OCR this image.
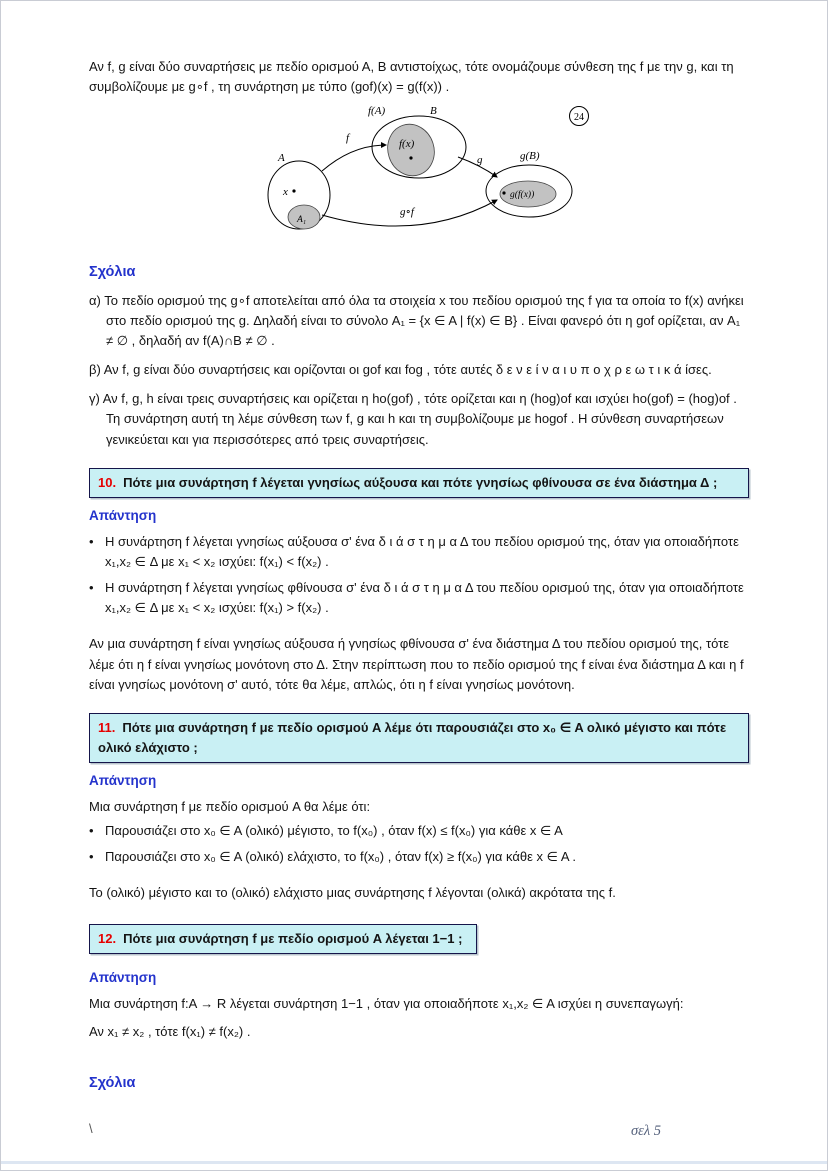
Αν f, g είναι δύο συναρτήσεις με πεδίο ορισμού Α, Β αντιστοίχως, τότε ονομάζουμε σύνθεση της f με την g, και τη συμβολίζουμε με g∘f , τη συνάρτηση με τύπο (gof)(x) = g(f(x)) .

f(x)
f(A)	B
x
A₁
A
g(f(x))
g(B)
f
g
g∘f
24
Σχόλια

α) Το πεδίο ορισμού της g∘f αποτελείται από όλα τα στοιχεία x του πεδίου ορισμού της f για τα οποία το f(x) ανήκει στο πεδίο ορισμού της g. Δηλαδή είναι το σύνολο A₁ = {x ∈ A | f(x) ∈ B} . Είναι φανερό ότι η gof ορίζεται, αν A₁ ≠ ∅ , δηλαδή αν f(A)∩B ≠ ∅ .

β) Αν f, g είναι δύο συναρτήσεις και ορίζονται οι gof και fog , τότε αυτές δ ε ν ε ί ν α ι υ π ο χ ρ ε ω τ ι κ ά ίσες.

γ) Αν f, g, h είναι τρεις συναρτήσεις και ορίζεται η ho(gof) , τότε ορίζεται και η (hog)of και ισχύει ho(gof) = (hog)of . Τη συνάρτηση αυτή τη λέμε σύνθεση των f, g και h και τη συμβολίζουμε με hogof . Η σύνθεση συναρτήσεων γενικεύεται και για περισσότερες από τρεις συναρτήσεις.

10. Πότε μια συνάρτηση f λέγεται γνησίως αύξουσα και πότε γνησίως φθίνουσα σε ένα διάστημα Δ ;
Απάντηση
• Η συνάρτηση f λέγεται γνησίως αύξουσα σ' ένα δ ι ά σ τ η μ α Δ του πεδίου ορισμού της, όταν για οποιαδήποτε x₁,x₂ ∈ Δ με x₁ < x₂ ισχύει: f(x₁) < f(x₂) .

• Η συνάρτηση f λέγεται γνησίως φθίνουσα σ' ένα δ ι ά σ τ η μ α Δ του πεδίου ορισμού της, όταν για οποιαδήποτε x₁,x₂ ∈ Δ με x₁ < x₂ ισχύει: f(x₁) > f(x₂) .

Αν μια συνάρτηση f είναι γνησίως αύξουσα ή γνησίως φθίνουσα σ' ένα διάστημα Δ του πεδίου ορισμού της, τότε λέμε ότι η f είναι γνησίως μονότονη στο Δ. Στην περίπτωση που το πεδίο ορισμού της f είναι ένα διάστημα Δ και η f είναι γνησίως μονότονη σ' αυτό, τότε θα λέμε, απλώς, ότι η f είναι γνησίως μονότονη.

11. Πότε μια συνάρτηση f με πεδίο ορισμού A λέμε ότι παρουσιάζει στο x₀ ∈ A ολικό μέγιστο και πότε ολικό ελάχιστο ;
Απάντηση

Μια συνάρτηση f με πεδίο ορισμού A θα λέμε ότι:

• Παρουσιάζει στο x₀ ∈ A (ολικό) μέγιστο, το f(x₀) , όταν f(x) ≤ f(x₀) για κάθε x ∈ A

• Παρουσιάζει στο x₀ ∈ A (ολικό) ελάχιστο, το f(x₀) , όταν f(x) ≥ f(x₀) για κάθε x ∈ A .

Το (ολικό) μέγιστο και το (ολικό) ελάχιστο μιας συνάρτησης f λέγονται (ολικά) ακρότατα της f.

12. Πότε μια συνάρτηση f με πεδίο ορισμού A λέγεται 1−1 ;
Απάντηση

Μια συνάρτηση f:A → R λέγεται συνάρτηση 1−1 , όταν για οποιαδήποτε x₁,x₂ ∈ A ισχύει η συνεπαγωγή:

Αν x₁ ≠ x₂ , τότε f(x₁) ≠ f(x₂) .

Σχόλια
\	σελ 5
